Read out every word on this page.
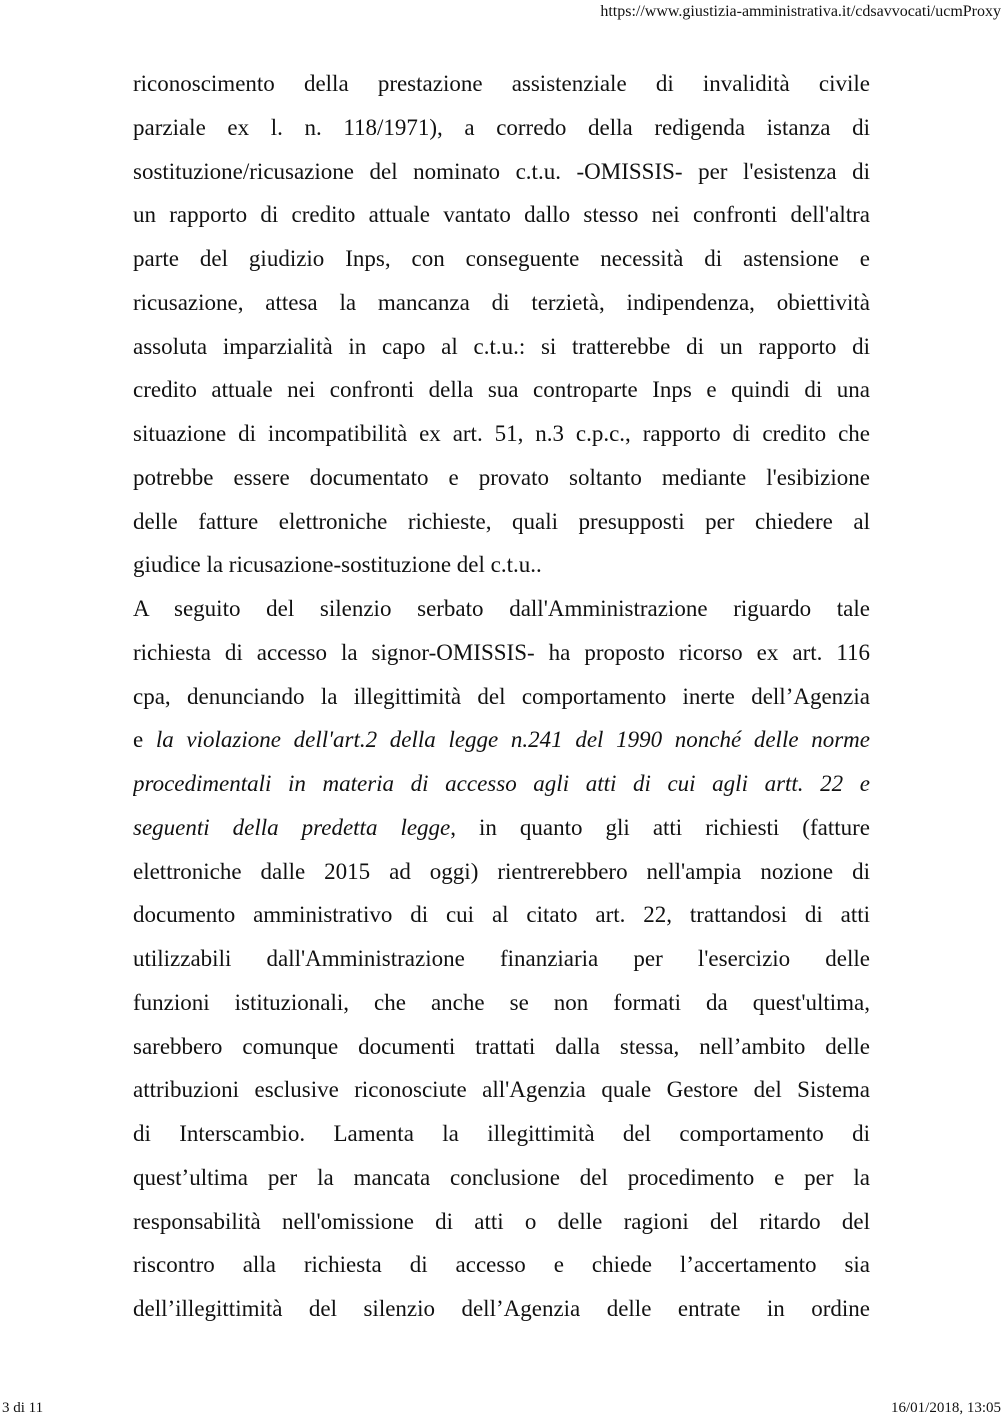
https://www.giustizia-amministrativa.it/cdsavvocati/ucmProxy
riconoscimento della prestazione assistenziale di invalidità civile
parziale ex l. n. 118/1971), a corredo della redigenda istanza di
sostituzione/ricusazione del nominato c.t.u. -OMISSIS- per l'esistenza di
un rapporto di credito attuale vantato dallo stesso nei confronti dell'altra
parte del giudizio Inps, con conseguente necessità di astensione e
ricusazione, attesa la mancanza di terzietà, indipendenza, obiettività
assoluta imparzialità in capo al c.t.u.: si tratterebbe di un rapporto di
credito attuale nei confronti della sua controparte Inps e quindi di una
situazione di incompatibilità ex art. 51, n.3 c.p.c., rapporto di credito che
potrebbe essere documentato e provato soltanto mediante l'esibizione
delle fatture elettroniche richieste, quali presupposti per chiedere al
giudice la ricusazione-sostituzione del c.t.u..
A seguito del silenzio serbato dall'Amministrazione riguardo tale
richiesta di accesso la signor-OMISSIS- ha proposto ricorso ex art. 116
cpa, denunciando la illegittimità del comportamento inerte dell’Agenzia
e la violazione dell'art.2 della legge n.241 del 1990 nonché delle norme
procedimentali in materia di accesso agli atti di cui agli artt. 22 e
seguenti della predetta legge, in quanto gli atti richiesti (fatture
elettroniche dalle 2015 ad oggi) rientrerebbero nell'ampia nozione di
documento amministrativo di cui al citato art. 22, trattandosi di atti
utilizzabili dall'Amministrazione finanziaria per l'esercizio delle
funzioni istituzionali, che anche se non formati da quest'ultima,
sarebbero comunque documenti trattati dalla stessa, nell’ambito delle
attribuzioni esclusive riconosciute all'Agenzia quale Gestore del Sistema
di Interscambio. Lamenta la illegittimità del comportamento di
quest’ultima per la mancata conclusione del procedimento e per la
responsabilità nell'omissione di atti o delle ragioni del ritardo del
riscontro alla richiesta di accesso e chiede l’accertamento sia
dell’illegittimità del silenzio dell’Agenzia delle entrate in ordine
3 di 11	16/01/2018, 13:05
